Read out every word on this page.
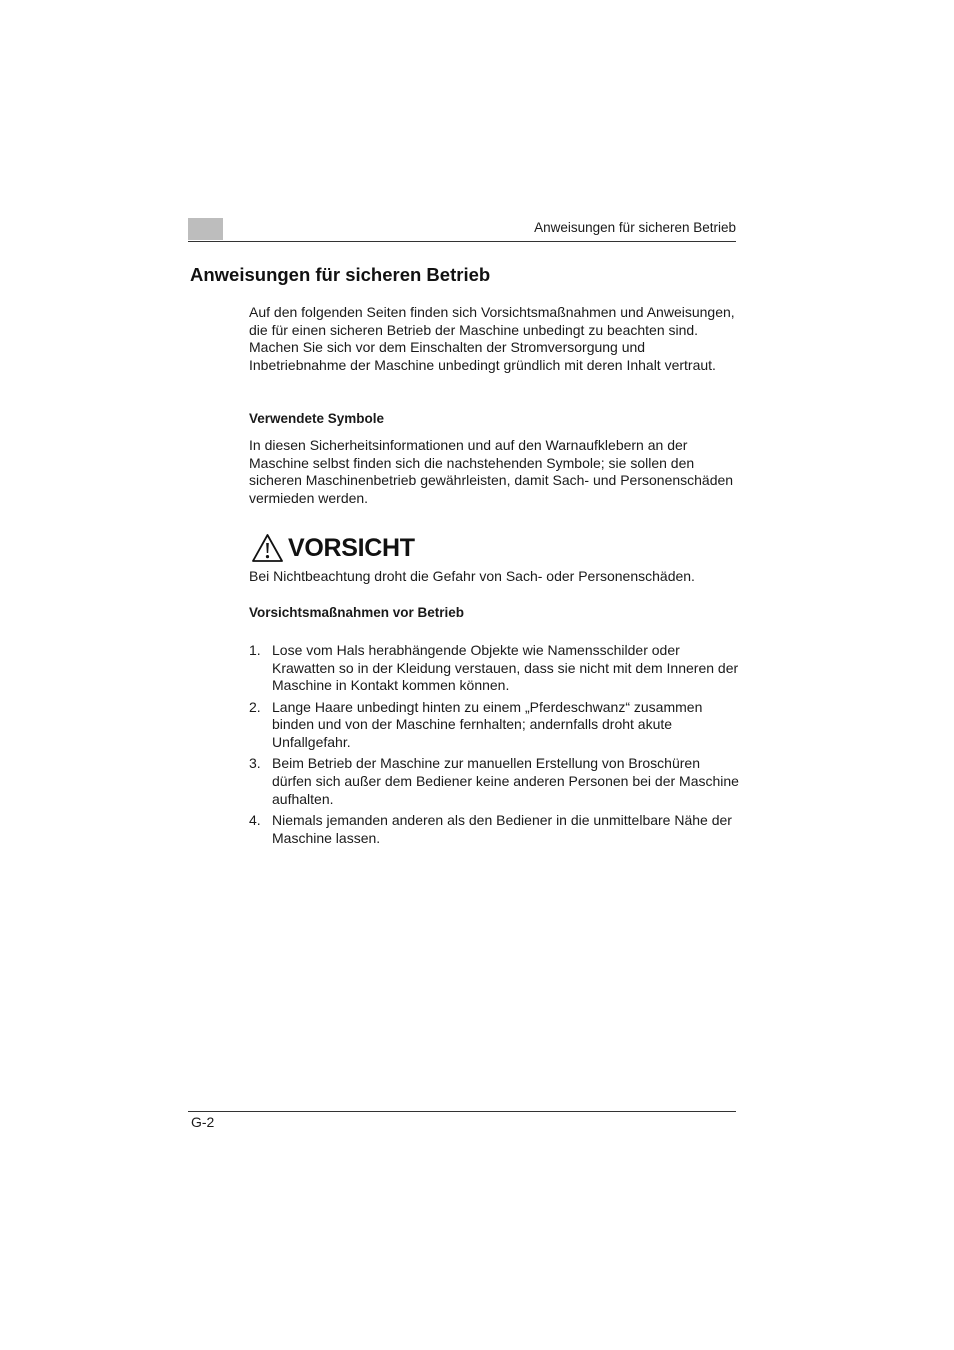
Anweisungen für sicheren Betrieb
Anweisungen für sicheren Betrieb

Auf den folgenden Seiten finden sich Vorsichtsmaßnahmen und Anweisungen, die für einen sicheren Betrieb der Maschine unbedingt zu beachten sind. Machen Sie sich vor dem Einschalten der Stromversorgung und Inbetriebnahme der Maschine unbedingt gründlich mit deren Inhalt vertraut.

Verwendete Symbole

In diesen Sicherheitsinformationen und auf den Warnaufklebern an der Maschine selbst finden sich die nachstehenden Symbole; sie sollen den sicheren Maschinenbetrieb gewährleisten, damit Sach- und Personenschäden vermieden werden.

VORSICHT

Bei Nichtbeachtung droht die Gefahr von Sach- oder Personenschäden.

Vorsichtsmaßnahmen vor Betrieb

1. Lose vom Hals herabhängende Objekte wie Namensschilder oder Krawatten so in der Kleidung verstauen, dass sie nicht mit dem Inneren der Maschine in Kontakt kommen können.
2. Lange Haare unbedingt hinten zu einem „Pferdeschwanz“ zusammen binden und von der Maschine fernhalten; andernfalls droht akute Unfallgefahr.
3. Beim Betrieb der Maschine zur manuellen Erstellung von Broschüren dürfen sich außer dem Bediener keine anderen Personen bei der Maschine aufhalten.
4. Niemals jemanden anderen als den Bediener in die unmittelbare Nähe der Maschine lassen.
G-2
